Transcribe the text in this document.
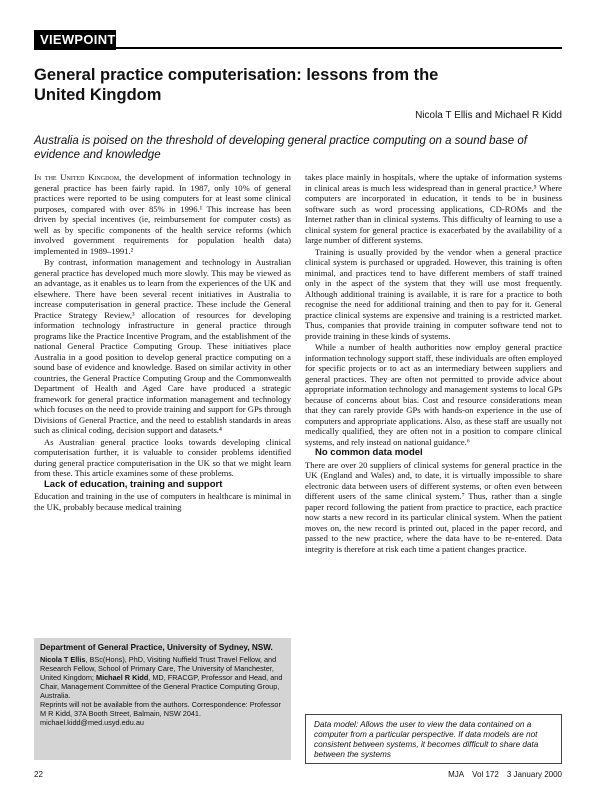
VIEWPOINT
General practice computerisation: lessons from the United Kingdom
Nicola T Ellis and Michael R Kidd
Australia is poised on the threshold of developing general practice computing on a sound base of evidence and knowledge

In the United Kingdom, the development of information technology in general practice has been fairly rapid. In 1987, only 10% of general practices were reported to be using computers for at least some clinical purposes, compared with over 85% in 1996.¹ This increase has been driven by special incentives (ie, reimbursement for computer costs) as well as by specific components of the health service reforms (which involved government requirements for population health data) implemented in 1989–1991.²

By contrast, information management and technology in Australian general practice has developed much more slowly. This may be viewed as an advantage, as it enables us to learn from the experiences of the UK and elsewhere. There have been several recent initiatives in Australia to increase computerisation in general practice. These include the General Practice Strategy Review,³ allocation of resources for developing information technology infrastructure in general practice through programs like the Practice Incentive Program, and the establishment of the national General Practice Computing Group. These initiatives place Australia in a good position to develop general practice computing on a sound base of evidence and knowledge. Based on similar activity in other countries, the General Practice Computing Group and the Commonwealth Department of Health and Aged Care have produced a strategic framework for general practice information management and technology which focuses on the need to provide training and support for GPs through Divisions of General Practice, and the need to establish standards in areas such as clinical coding, decision support and datasets.⁴

As Australian general practice looks towards developing clinical computerisation further, it is valuable to consider problems identified during general practice computerisation in the UK so that we might learn from these. This article examines some of these problems.

Lack of education, training and support

Education and training in the use of computers in healthcare is minimal in the UK, probably because medical training

Department of General Practice, University of Sydney, NSW.
Nicola T Ellis, BSc(Hons), PhD, Visiting Nuffield Trust Travel Fellow, and Research Fellow, School of Primary Care, The University of Manchester, United Kingdom; Michael R Kidd, MD, FRACGP, Professor and Head, and Chair, Management Committee of the General Practice Computing Group, Australia.
Reprints will not be available from the authors. Correspondence: Professor M R Kidd, 37A Booth Street, Balmain, NSW 2041.
michael.kidd@med.usyd.edu.au

takes place mainly in hospitals, where the uptake of information systems in clinical areas is much less widespread than in general practice.⁵ Where computers are incorporated in education, it tends to be in business software such as word processing applications, CD-ROMs and the Internet rather than in clinical systems. This difficulty of learning to use a clinical system for general practice is exacerbated by the availability of a large number of different systems.

Training is usually provided by the vendor when a general practice clinical system is purchased or upgraded. However, this training is often minimal, and practices tend to have different members of staff trained only in the aspect of the system that they will use most frequently. Although additional training is available, it is rare for a practice to both recognise the need for additional training and then to pay for it. General practice clinical systems are expensive and training is a restricted market. Thus, companies that provide training in computer software tend not to provide training in these kinds of systems.

While a number of health authorities now employ general practice information technology support staff, these individuals are often employed for specific projects or to act as an intermediary between suppliers and general practices. They are often not permitted to provide advice about appropriate information technology and management systems to local GPs because of concerns about bias. Cost and resource considerations mean that they can rarely provide GPs with hands-on experience in the use of computers and appropriate applications. Also, as these staff are usually not medically qualified, they are often not in a position to compare clinical systems, and rely instead on national guidance.⁶

No common data model

There are over 20 suppliers of clinical systems for general practice in the UK (England and Wales) and, to date, it is virtually impossible to share electronic data between users of different systems, or often even between different users of the same clinical system.⁷ Thus, rather than a single paper record following the patient from practice to practice, each practice now starts a new record in its particular clinical system. When the patient moves on, the new record is printed out, placed in the paper record, and passed to the new practice, where the data have to be re-entered. Data integrity is therefore at risk each time a patient changes practice.

Data model: Allows the user to view the data contained on a computer from a particular perspective. If data models are not consistent between systems, it becomes difficult to share data between the systems
22	MJA Vol 172 3 January 2000
